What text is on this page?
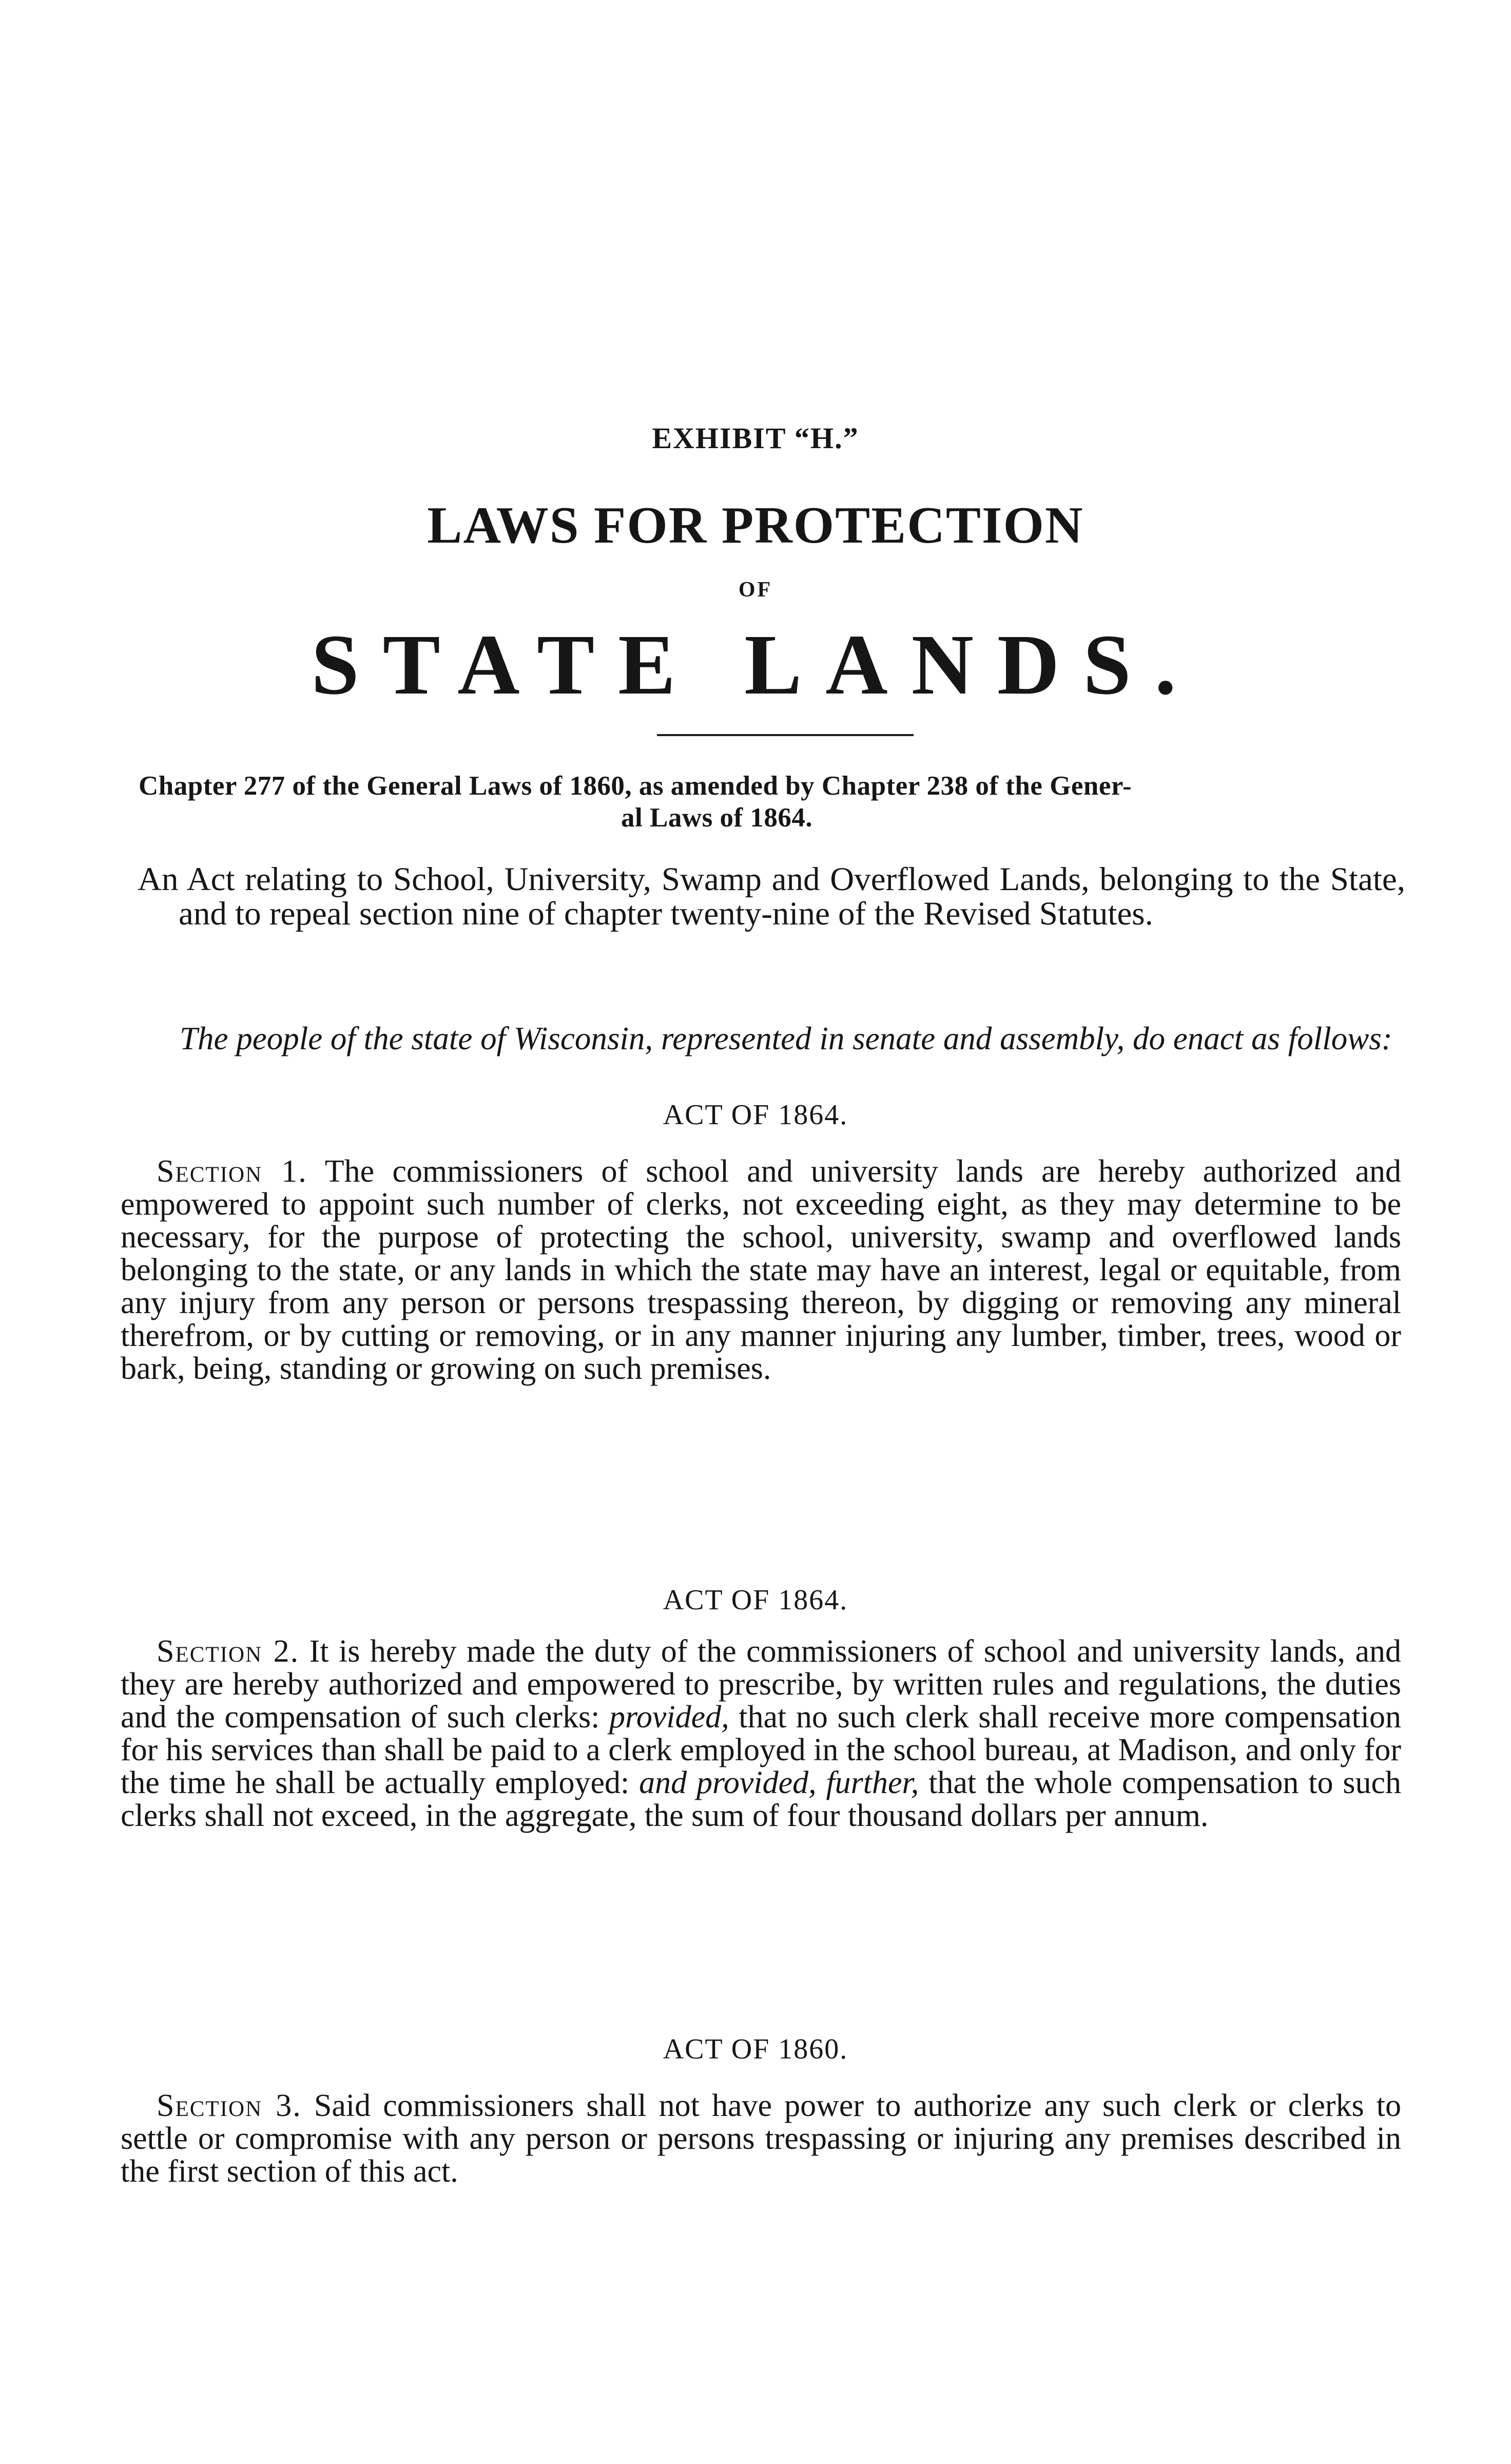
EXHIBIT “H.”
LAWS FOR PROTECTION
OF
STATE LANDS.
Chapter 277 of the General Laws of 1860, as amended by Chapter 238 of the Gener-
al Laws of 1864.
An Act relating to School, University, Swamp and Overflowed Lands, belonging to the State, and to repeal section nine of chapter twenty-nine of the Revised Statutes.
The people of the state of Wisconsin, represented in senate and assembly, do enact as follows:
ACT OF 1864.
Section 1. The commissioners of school and university lands are hereby authorized and empowered to appoint such number of clerks, not exceeding eight, as they may determine to be necessary, for the purpose of protecting the school, university, swamp and overflowed lands belonging to the state, or any lands in which the state may have an interest, legal or equitable, from any injury from any person or persons trespassing thereon, by digging or removing any mineral therefrom, or by cutting or removing, or in any manner injuring any lumber, timber, trees, wood or bark, being, standing or growing on such premises.
ACT OF 1864.
Section 2. It is hereby made the duty of the commissioners of school and university lands, and they are hereby authorized and empowered to prescribe, by written rules and regulations, the duties and the compensation of such clerks: provided, that no such clerk shall receive more compensation for his services than shall be paid to a clerk employed in the school bureau, at Madison, and only for the time he shall be actually employed: and provided, further, that the whole compensation to such clerks shall not exceed, in the aggregate, the sum of four thousand dollars per annum.
ACT OF 1860.
Section 3. Said commissioners shall not have power to authorize any such clerk or clerks to settle or compromise with any person or persons trespassing or injuring any premises described in the first section of this act.
